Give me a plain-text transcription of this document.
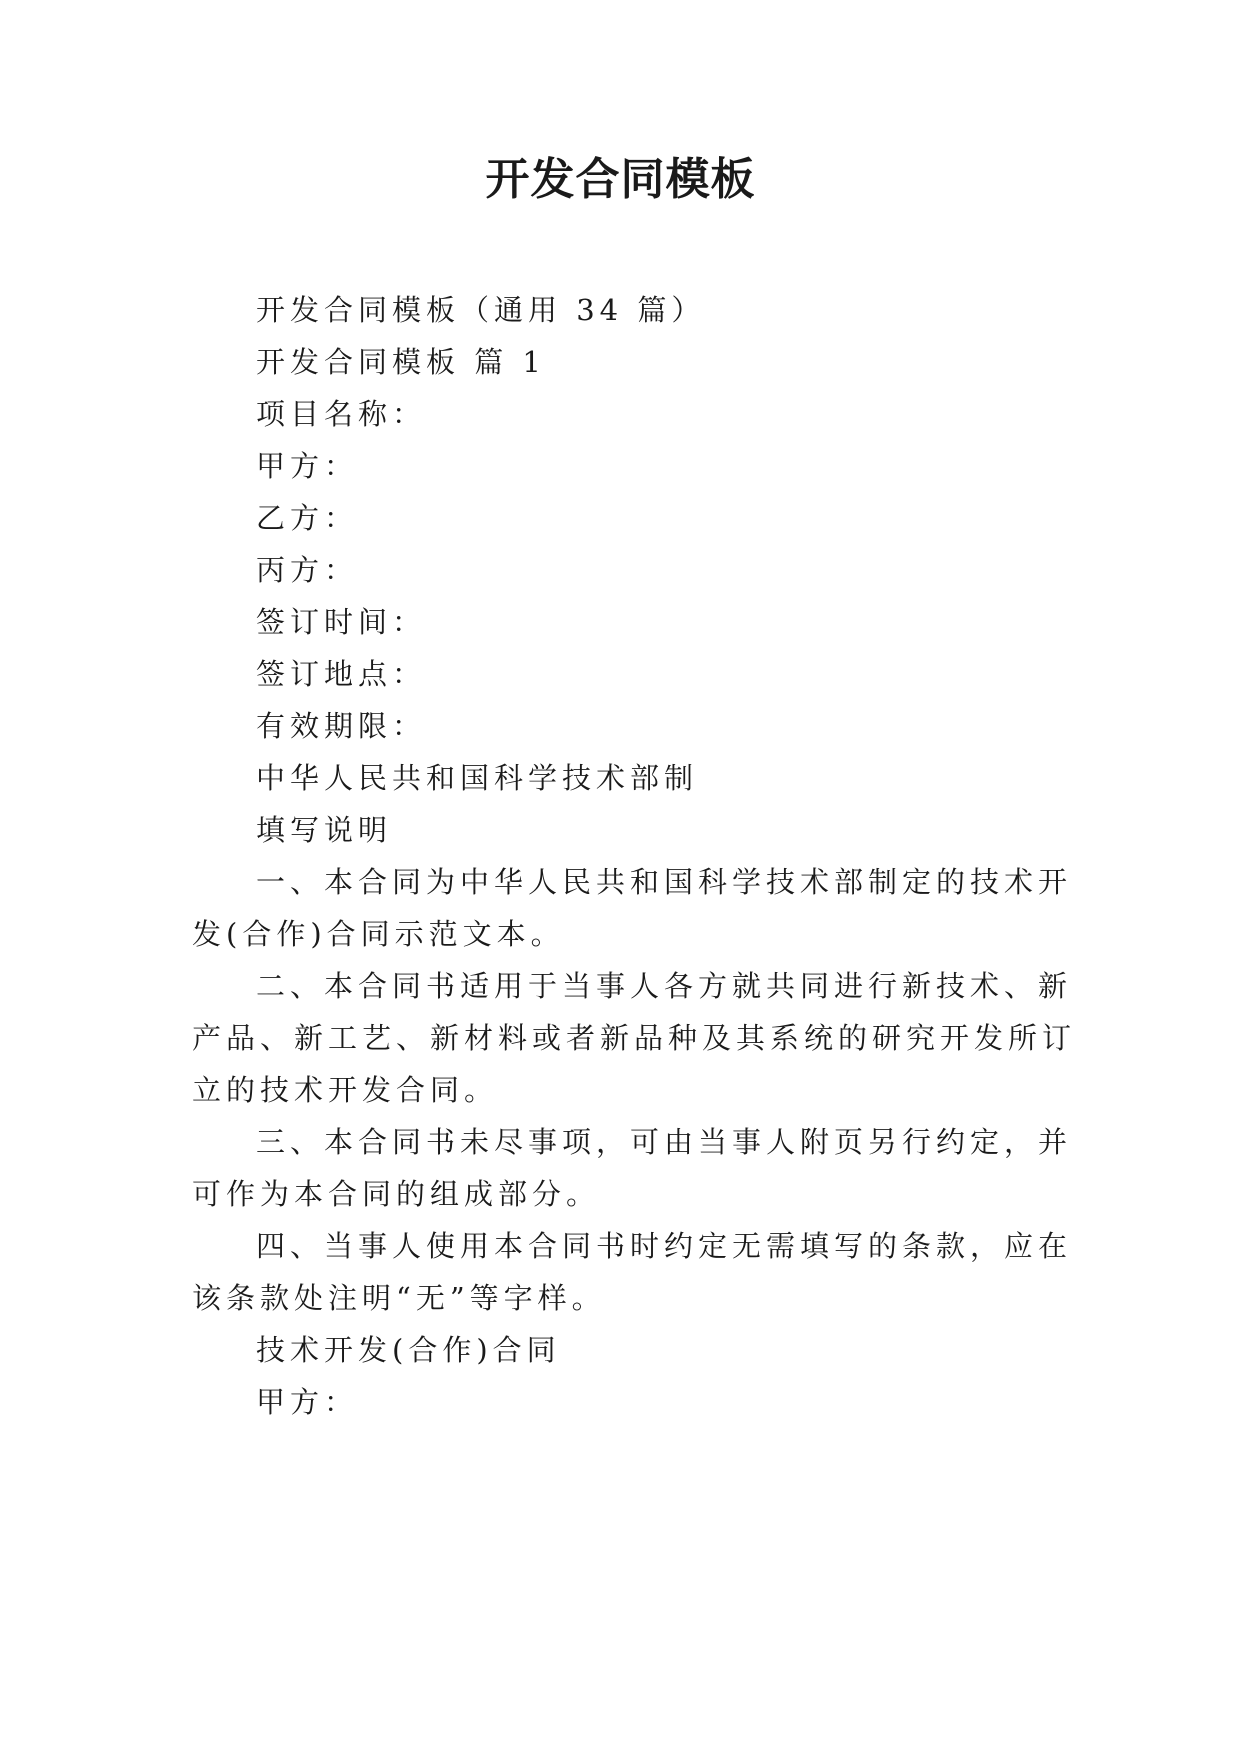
开发合同模板
开发合同模板（通用 34 篇）
开发合同模板 篇 1
项目名称：
甲方：
乙方：
丙方：
签订时间：
签订地点：
有效期限：
中华人民共和国科学技术部制
填写说明
一、本合同为中华人民共和国科学技术部制定的技术开
发(合作)合同示范文本。
二、本合同书适用于当事人各方就共同进行新技术、新
产品、新工艺、新材料或者新品种及其系统的研究开发所订
立的技术开发合同。
三、本合同书未尽事项，可由当事人附页另行约定，并
可作为本合同的组成部分。
四、当事人使用本合同书时约定无需填写的条款，应在
该条款处注明“无”等字样。
技术开发(合作)合同
甲方：
